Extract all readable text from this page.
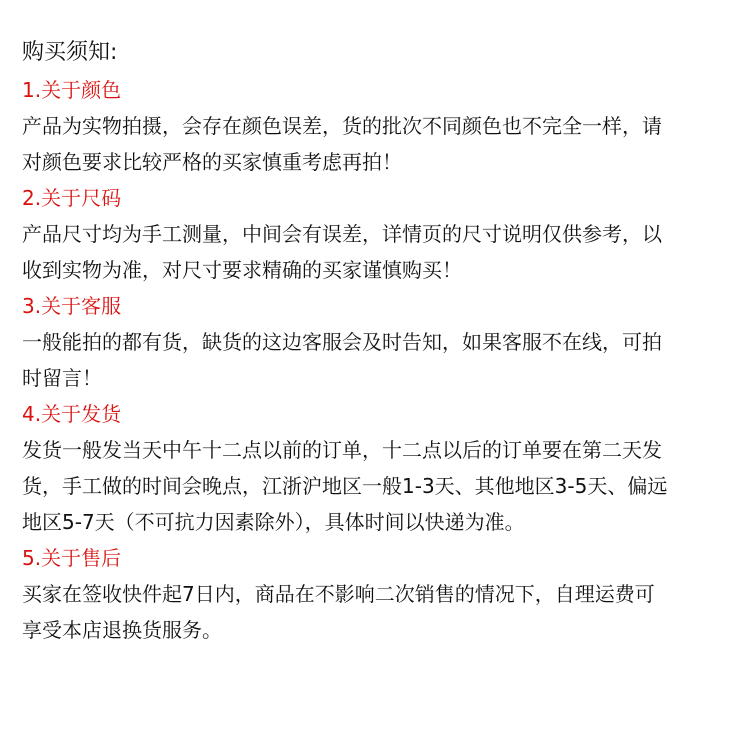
购买须知:
1.关于颜色
产品为实物拍摄，会存在颜色误差，货的批次不同颜色也不完全一样，请
对颜色要求比较严格的买家慎重考虑再拍！
2.关于尺码
产品尺寸均为手工测量，中间会有误差，详情页的尺寸说明仅供参考，以
收到实物为准，对尺寸要求精确的买家谨慎购买！
3.关于客服
一般能拍的都有货，缺货的这边客服会及时告知，如果客服不在线，可拍
时留言！
4.关于发货
发货一般发当天中午十二点以前的订单，十二点以后的订单要在第二天发
货，手工做的时间会晚点，江浙沪地区一般1-3天、其他地区3-5天、偏远
地区5-7天（不可抗力因素除外），具体时间以快递为准。
5.关于售后
买家在签收快件起7日内，商品在不影响二次销售的情况下，自理运费可
享受本店退换货服务。
